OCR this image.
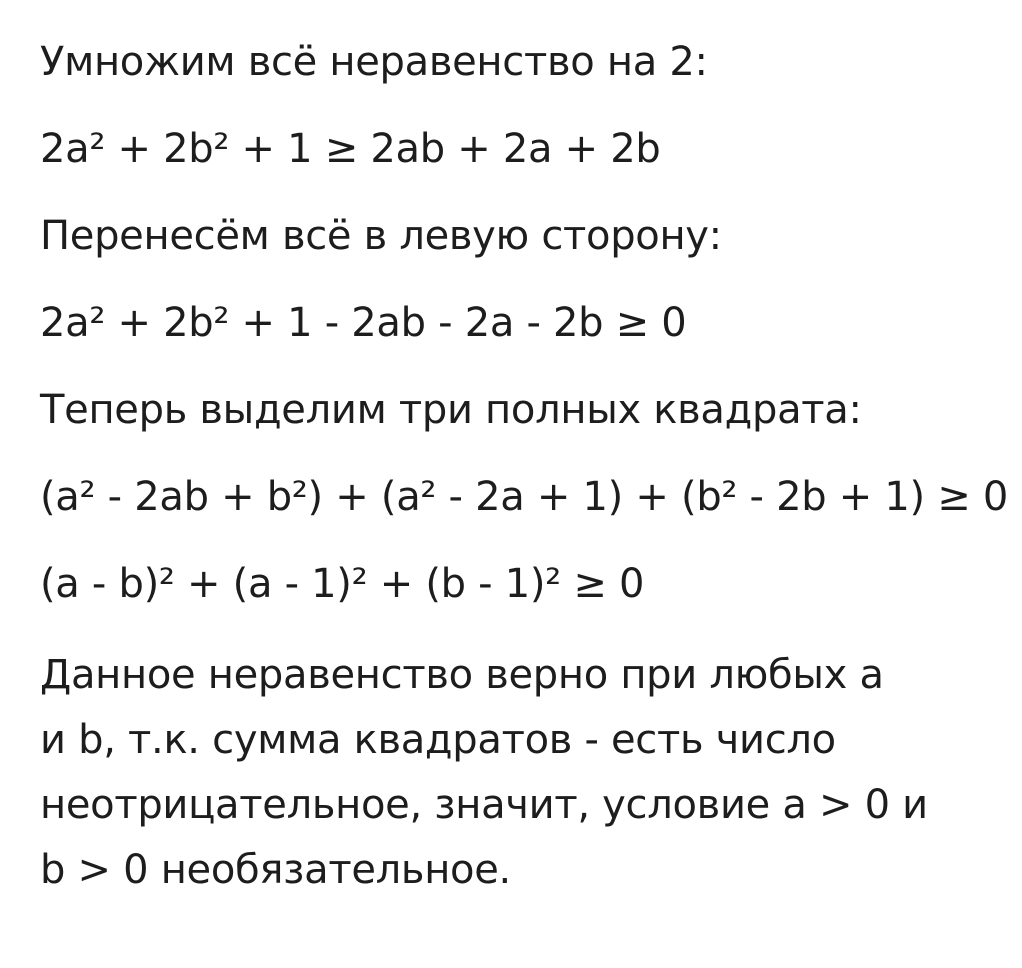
Умножим всё неравенство на 2:
2a² + 2b² + 1 ≥ 2ab + 2a + 2b
Перенесём всё в левую сторону:
2a² + 2b² + 1 - 2ab - 2a - 2b ≥ 0
Теперь выделим три полных квадрата:
(a² - 2ab + b²) + (a² - 2a + 1) + (b² - 2b + 1) ≥ 0
(a - b)² + (a - 1)² + (b - 1)² ≥ 0
Данное неравенство верно при любых a
и b, т.к. сумма квадратов - есть число
неотрицательное, значит, условие a > 0 и
b > 0 необязательное.
